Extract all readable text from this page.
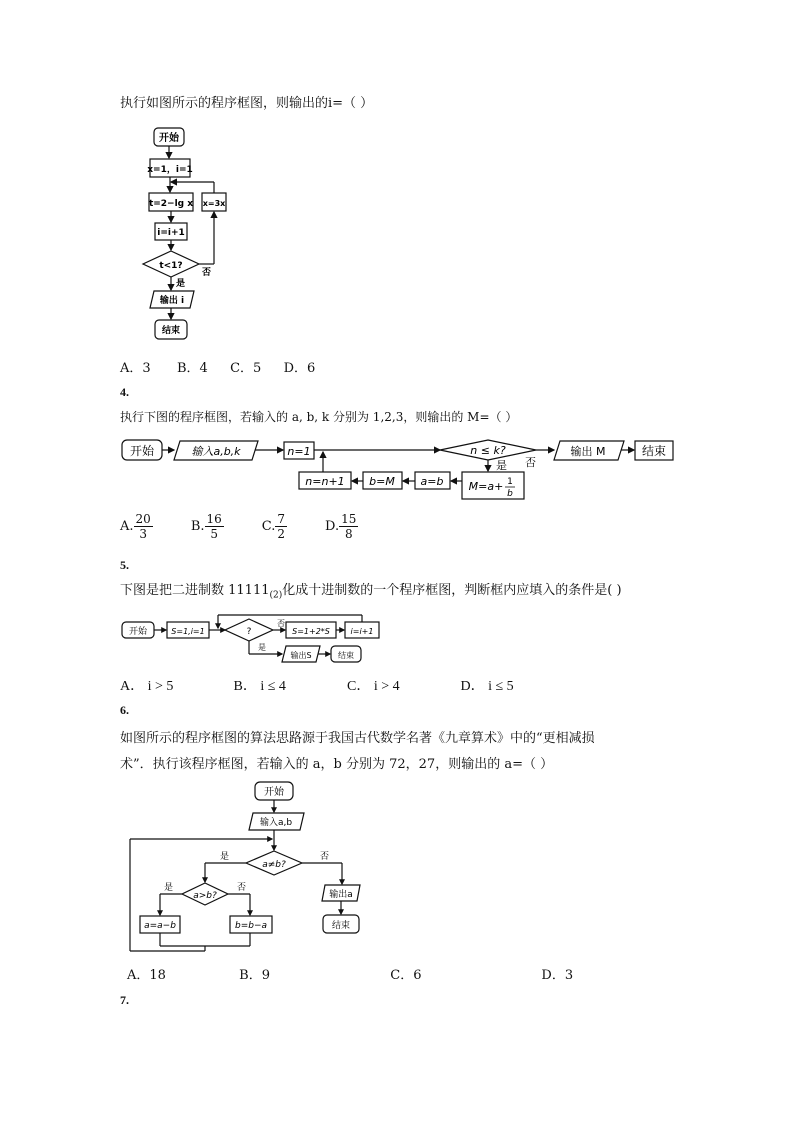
执行如图所示的程序框图，则输出的i=（ ）
开始
x=1，i=1
t=2−lg x x=3x
i=i+1
t<1?
否
是
输出 i
结束
A．3 B．4 C．5 D．6
4.
执行下图的程序框图，若输入的 a, b, k 分别为 1,2,3，则输出的 M=（ ）
开始	输入a,b,k	n=1	n ≤ k?
否
输出 M	结束
是
M=a+ 1
b
a=b
b=M
n=n+1
A. $\frac{20}{3}$	B. $\frac{16}{5}$	C. $\frac{7}{2}$	D. $\frac{15}{8}$
5.
下图是把二进制数 $11111_{(2)}$化成十进制数的一个程序框图，判断框内应填入的条件是( )
开始	S=1,i=1	?
否
S=1+2*S	i=i+1
是
输出S	结束
A． i > 5	B． i ≤ 4	C． i > 4	D． i ≤ 5
6.
如图所示的程序框图的算法思路源于我国古代数学名著《九章算术》中的“更相减损
术”．执行该程序框图，若输入的 a，b 分别为 72，27，则输出的 a=（ ）
开始
输入a,b
a≠b?
否
输出a
结束
是
a>b?
是
a=a−b
否
b=b−a
A．18	B．9	C．6	D．3
7.
